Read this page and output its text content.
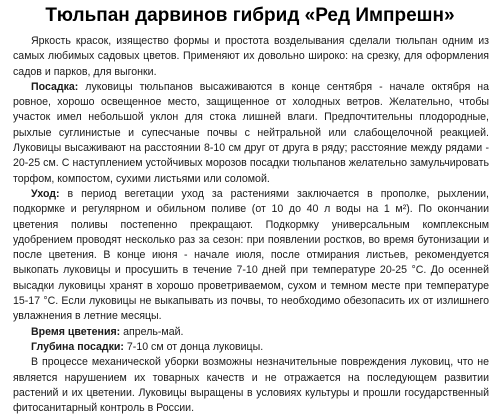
Тюльпан дарвинов гибрид «Ред Импрешн»

Яркость красок, изящество формы и простота возделывания сделали тюльпан одним из самых любимых садовых цветов. Применяют их довольно широко: на срезку, для оформления садов и парков, для выгонки.

Посадка: луковицы тюльпанов высаживаются в конце сентября - начале октября на ровное, хорошо освещенное место, защищенное от холодных ветров. Желательно, чтобы участок имел небольшой уклон для стока лишней влаги. Предпочтительны плодородные, рыхлые суглинистые и супесчаные почвы с нейтральной или слабощелочной реакцией. Луковицы высаживают на расстоянии 8-10 см друг от друга в ряду; расстояние между рядами - 20-25 см. С наступлением устойчивых морозов посадки тюльпанов желательно замульчировать торфом, компостом, сухими листьями или соломой.

Уход: в период вегетации уход за растениями заключается в прополке, рыхлении, подкормке и регулярном и обильном поливе (от 10 до 40 л воды на 1 м²). По окончании цветения поливы постепенно прекращают. Подкормку универсальным комплексным удобрением проводят несколько раз за сезон: при появлении ростков, во время бутонизации и после цветения. В конце июня - начале июля, после отмирания листьев, рекомендуется выкопать луковицы и просушить в течение 7-10 дней при температуре 20-25 °С. До осенней высадки луковицы хранят в хорошо проветриваемом, сухом и темном месте при температуре 15-17 °С. Если луковицы не выкапывать из почвы, то необходимо обезопасить их от излишнего увлажнения в летние месяцы.

Время цветения: апрель-май.

Глубина посадки: 7-10 см от донца луковицы.

В процессе механической уборки возможны незначительные повреждения луковиц, что не является нарушением их товарных качеств и не отражается на последующем развитии растений и их цветении. Луковицы выращены в условиях культуры и прошли государственный фитосанитарный контроль в России.
